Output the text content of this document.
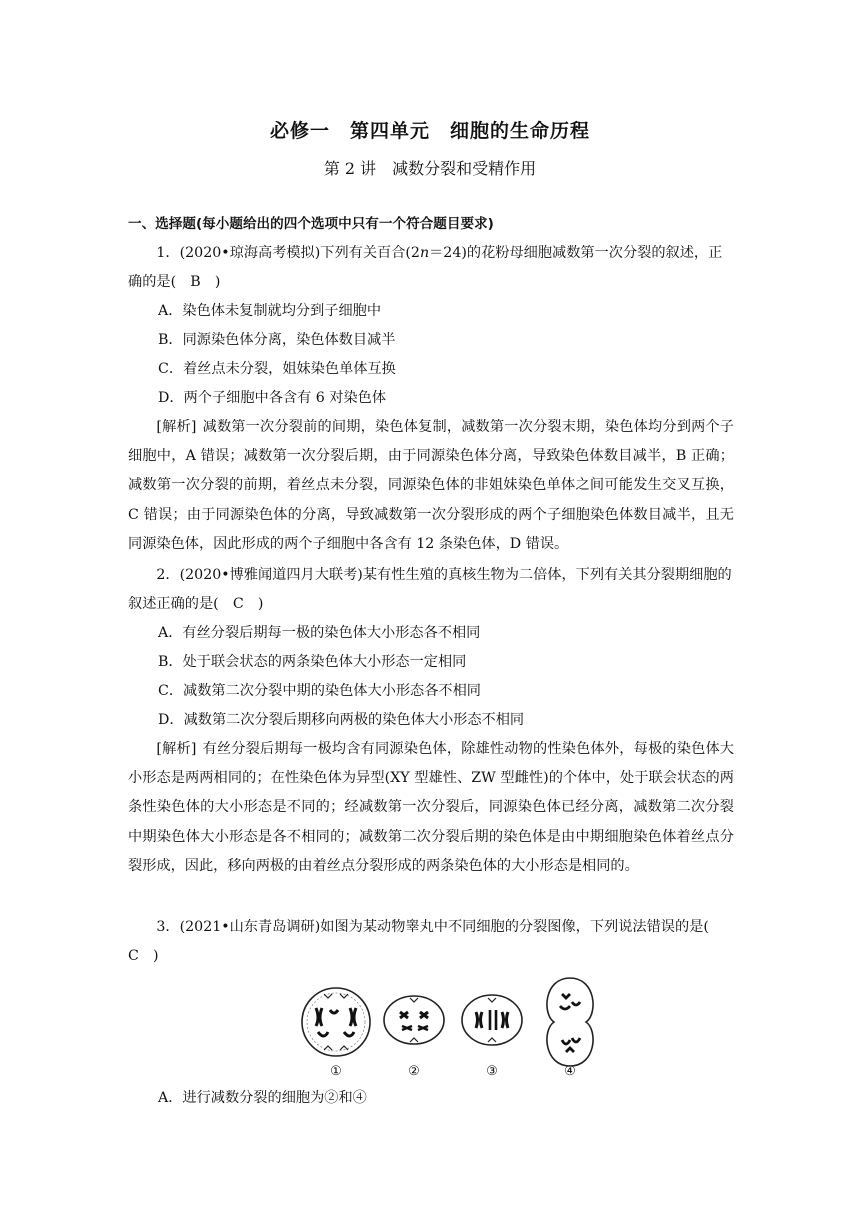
必修一　第四单元　细胞的生命历程
第 2 讲　减数分裂和受精作用
一、选择题(每小题给出的四个选项中只有一个符合题目要求)
1．(2020•琼海高考模拟)下列有关百合(2n＝24)的花粉母细胞减数第一次分裂的叙述，正确的是(　B　)
A．染色体未复制就均分到子细胞中
B．同源染色体分离，染色体数目减半
C．着丝点未分裂，姐妹染色单体互换
D．两个子细胞中各含有 6 对染色体
[解析] 减数第一次分裂前的间期，染色体复制，减数第一次分裂末期，染色体均分到两个子细胞中，A 错误；减数第一次分裂后期，由于同源染色体分离，导致染色体数目减半，B 正确；减数第一次分裂的前期，着丝点未分裂，同源染色体的非姐妹染色单体之间可能发生交叉互换，C 错误；由于同源染色体的分离，导致减数第一次分裂形成的两个子细胞染色体数目减半，且无同源染色体，因此形成的两个子细胞中各含有 12 条染色体，D 错误。
2．(2020•博雅闻道四月大联考)某有性生殖的真核生物为二倍体，下列有关其分裂期细胞的叙述正确的是(　C　)
A．有丝分裂后期每一极的染色体大小形态各不相同
B．处于联会状态的两条染色体大小形态一定相同
C．减数第二次分裂中期的染色体大小形态各不相同
D．减数第二次分裂后期移向两极的染色体大小形态不相同
[解析] 有丝分裂后期每一极均含有同源染色体，除雄性动物的性染色体外，每极的染色体大小形态是两两相同的；在性染色体为异型(XY 型雄性、ZW 型雌性)的个体中，处于联会状态的两条性染色体的大小形态是不同的；经减数第一次分裂后，同源染色体已经分离，减数第二次分裂中期染色体大小形态是各不相同的；减数第二次分裂后期的染色体是由中期细胞染色体着丝点分裂形成，因此，移向两极的由着丝点分裂形成的两条染色体的大小形态是相同的。
3．(2021•山东青岛调研)如图为某动物睾丸中不同细胞的分裂图像，下列说法错误的是(　C　)
①	②	③	④
A．进行减数分裂的细胞为②和④
